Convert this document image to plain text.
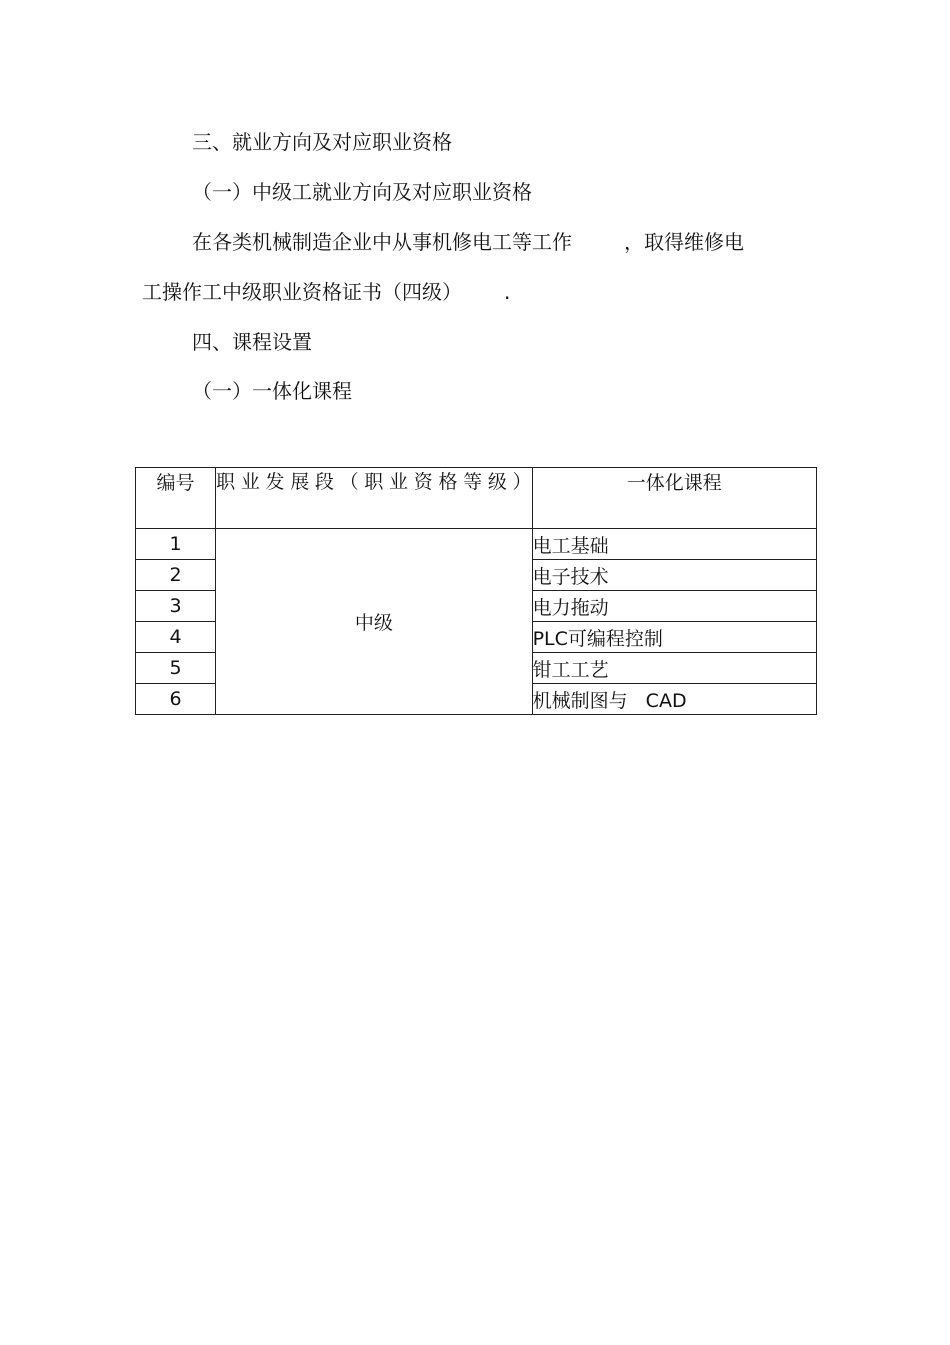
三、就业方向及对应职业资格
（一）中级工就业方向及对应职业资格
在各类机械制造企业中从事机修电工等工作	，取得维修电
工操作工中级职业资格证书（四级） .
四、课程设置
（一）一体化课程
编号	职业发展段（职业资格等级）	一体化课程
1	中级	电工基础
2		电子技术
3		电力拖动
4		PLC可编程控制
5		钳工工艺
6		机械制图与   CAD
